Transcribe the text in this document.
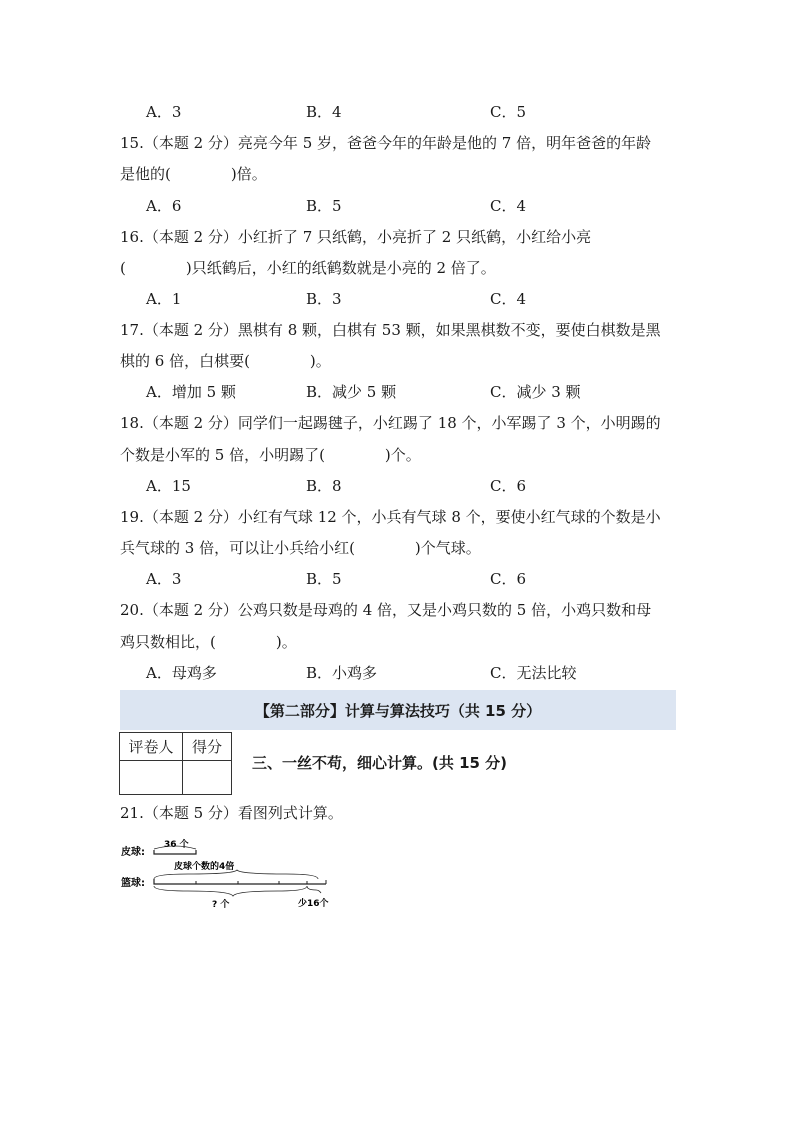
A．3	B．4	C．5
15.（本题 2 分）亮亮今年 5 岁，爸爸今年的年龄是他的 7 倍，明年爸爸的年龄
是他的(　　　　)倍。
A．6	B．5	C．4
16.（本题 2 分）小红折了 7 只纸鹤，小亮折了 2 只纸鹤，小红给小亮
(　　　　)只纸鹤后，小红的纸鹤数就是小亮的 2 倍了。
A．1	B．3	C．4
17.（本题 2 分）黑棋有 8 颗，白棋有 53 颗，如果黑棋数不变，要使白棋数是黑
棋的 6 倍，白棋要(　　　　)。
A．增加 5 颗	B．减少 5 颗	C．减少 3 颗
18.（本题 2 分）同学们一起踢毽子，小红踢了 18 个，小军踢了 3 个，小明踢的
个数是小军的 5 倍，小明踢了(　　　　)个。
A．15	B．8	C．6
19.（本题 2 分）小红有气球 12 个，小兵有气球 8 个，要使小红气球的个数是小
兵气球的 3 倍，可以让小兵给小红(　　　　)个气球。
A．3	B．5	C．6
20.（本题 2 分）公鸡只数是母鸡的 4 倍，又是小鸡只数的 5 倍，小鸡只数和母
鸡只数相比，(　　　　)。
A．母鸡多	B．小鸡多	C．无法比较
【第二部分】计算与算法技巧（共 15 分）
评卷人	得分

三、一丝不苟，细心计算。(共 15 分)
21.（本题 5 分）看图列式计算。
皮球:
36 个
皮球个数的4倍
篮球:
? 个	少16个
